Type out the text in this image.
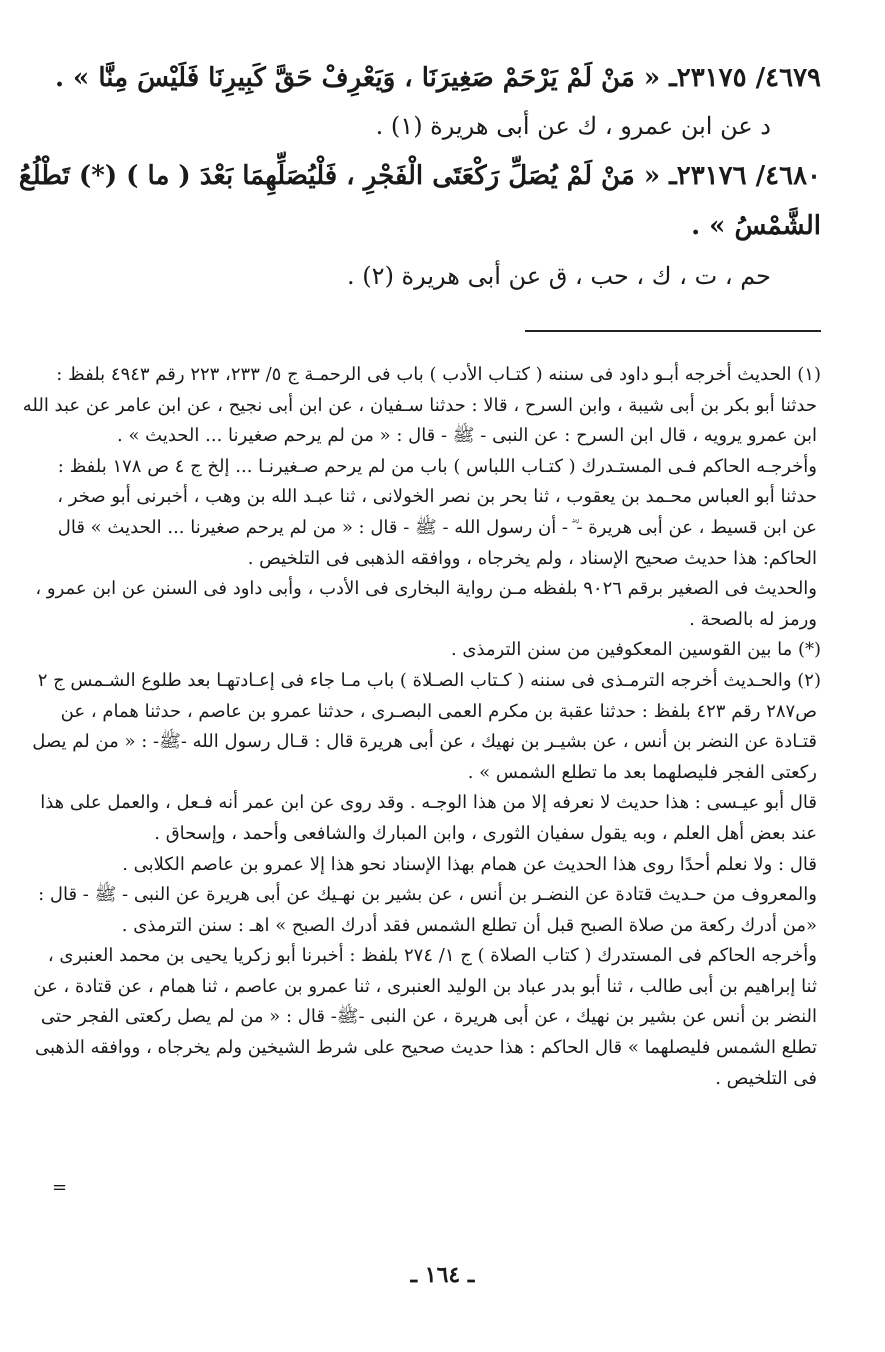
٤٦٧٩/ ٢٣١٧٥ـ « مَنْ لَمْ يَرْحَمْ صَغِيرَنَا ، وَيَعْرِفْ حَقَّ كَبِيرِنَا فَلَيْسَ مِنَّا » .
د عن ابن عمرو ، ك عن أبى هريرة (١) .
٤٦٨٠/ ٢٣١٧٦ـ « مَنْ لَمْ يُصَلِّ رَكْعَتَى الْفَجْرِ ، فَلْيُصَلِّهِمَا بَعْدَ ( ما ) (*) تَطْلُعُ
الشَّمْسُ » .
حم ، ت ، ك ، حب ، ق عن أبى هريرة (٢) .
(١) الحديث أخرجه أبـو داود فى سننه ( كتـاب الأدب ) باب فى الرحمـة ج ٥/ ٢٣٣، ٢٢٣ رقم ٤٩٤٣ بلفظ :
حدثنا أبو بكر بن أبى شيبة ، وابن السرح ، قالا : حدثنا سـفيان ، عن ابن أبى نجيح ، عن ابن عامر عن عبد الله
ابن عمرو يرويه ، قال ابن السرح : عن النبى - ﷺ - قال : « من لم يرحم صغيرنا ... الحديث » .
وأخرجـه الحاكم فـى المستـدرك ( كتـاب اللباس ) باب من لم يرحم صـغيرنـا ... إلخ ج ٤ ص ١٧٨ بلفظ :
حدثنا أبو العباس محـمد بن يعقوب ، ثنا بحر بن نصر الخولانى ، ثنا عبـد الله بن وهب ، أخبرنى أبو صخر ،
عن ابن قسيط ، عن أبى هريرة - ؓ - أن رسول الله - ﷺ - قال : « من لم يرحم صغيرنا ... الحديث » قال
الحاكم: هذا حديث صحيح الإسناد ، ولم يخرجاه ، ووافقه الذهبى فى التلخيص .
والحديث فى الصغير برقم ٩٠٢٦ بلفظه مـن رواية البخارى فى الأدب ، وأبى داود فى السنن عن ابن عمرو ،
ورمز له بالصحة .
(*) ما بين القوسين المعكوفين من سنن الترمذى .
(٢) والحـديث أخرجه الترمـذى فى سننه ( كـتاب الصـلاة ) باب مـا جاء فى إعـادتهـا بعد طلوع الشـمس ج ٢
ص٢٨٧ رقم ٤٢٣ بلفظ : حدثنا عقبة بن مكرم العمى البصـرى ، حدثنا عمرو بن عاصم ، حدثنا همام ، عن
قتـادة عن النضر بن أنس ، عن بشيـر بن نهيك ، عن أبى هريرة قال : قـال رسول الله -ﷺ- : « من لم يصل
ركعتى الفجر فليصلهما بعد ما تطلع الشمس » .
قال أبو عيـسى : هذا حديث لا نعرفه إلا من هذا الوجـه . وقد روى عن ابن عمر أنه فـعل ، والعمل على هذا
عند بعض أهل العلم ، وبه يقول سفيان الثورى ، وابن المبارك والشافعى وأحمد ، وإسحاق .
قال : ولا نعلم أحدًا روى هذا الحديث عن همام بهذا الإسناد نحو هذا إلا عمرو بن عاصم الكلابى .
والمعروف من حـديث قتادة عن النضـر بن أنس ، عن بشير بن نهـيك عن أبى هريرة عن النبى - ﷺ - قال :
«من أدرك ركعة من صلاة الصبح قبل أن تطلع الشمس فقد أدرك الصبح » اهـ : سنن الترمذى .
وأخرجه الحاكم فى المستدرك ( كتاب الصلاة ) ج ١/ ٢٧٤ بلفظ : أخبرنا أبو زكريا يحيى بن محمد العنبرى ،
ثنا إبراهيم بن أبى طالب ، ثنا أبو بدر عباد بن الوليد العنبرى ، ثنا عمرو بن عاصم ، ثنا همام ، عن قتادة ، عن
النضر بن أنس عن بشير بن نهيك ، عن أبى هريرة ، عن النبى -ﷺ- قال : « من لم يصل ركعتى الفجر حتى
تطلع الشمس فليصلهما » قال الحاكم : هذا حديث صحيح على شرط الشيخين ولم يخرجاه ، ووافقه الذهبى
فى التلخيص .
=
ـ ١٦٤ ـ
